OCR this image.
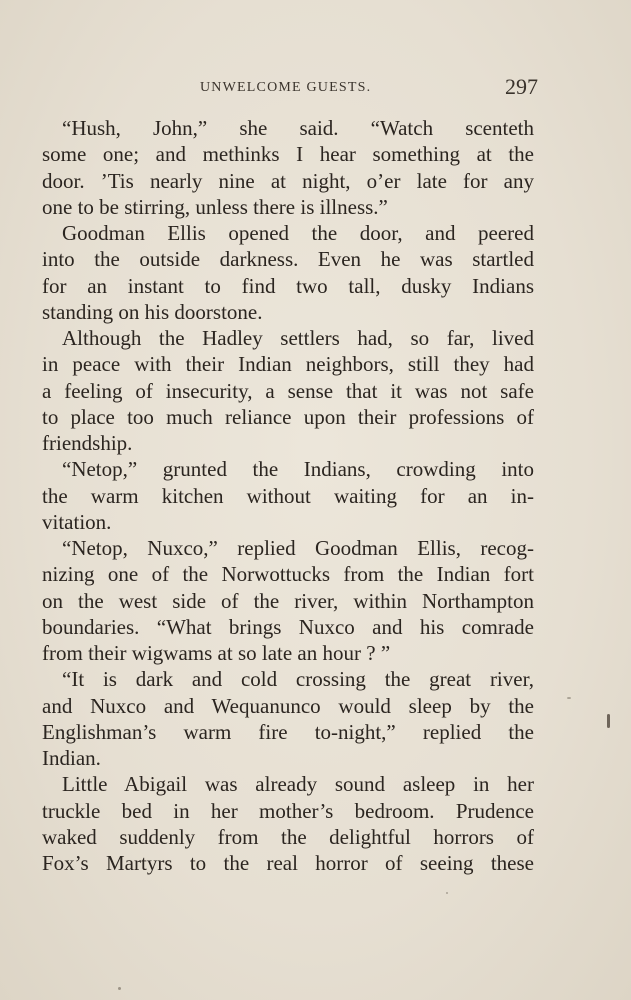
UNWELCOME GUESTS.	297
“Hush, John,” she said. “Watch scenteth
some one; and methinks I hear something at the
door. ’Tis nearly nine at night, o’er late for any
one to be stirring, unless there is illness.”
Goodman Ellis opened the door, and peered
into the outside darkness. Even he was startled
for an instant to find two tall, dusky Indians
standing on his doorstone.
Although the Hadley settlers had, so far, lived
in peace with their Indian neighbors, still they had
a feeling of insecurity, a sense that it was not safe
to place too much reliance upon their professions of
friendship.
“Netop,” grunted the Indians, crowding into
the warm kitchen without waiting for an in-
vitation.
“Netop, Nuxco,” replied Goodman Ellis, recog-
nizing one of the Norwottucks from the Indian fort
on the west side of the river, within Northampton
boundaries. “What brings Nuxco and his comrade
from their wigwams at so late an hour ? ”
“It is dark and cold crossing the great river,
and Nuxco and Wequanunco would sleep by the
Englishman’s warm fire to-night,” replied the
Indian.
Little Abigail was already sound asleep in her
truckle bed in her mother’s bedroom. Prudence
waked suddenly from the delightful horrors of
Fox’s Martyrs to the real horror of seeing these
